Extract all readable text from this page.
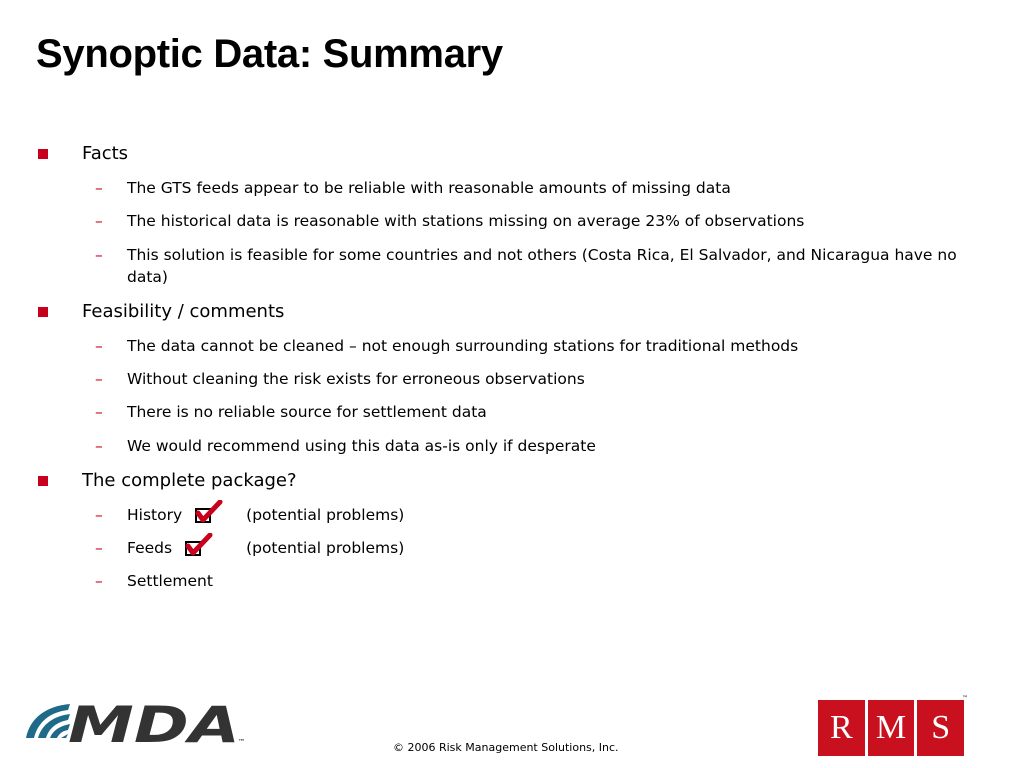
Synoptic Data: Summary
Facts
– The GTS feeds appear to be reliable with reasonable amounts of missing data
– The historical data is reasonable with stations missing on average 23% of observations
– This solution is feasible for some countries and not others (Costa Rica, El Salvador, and Nicaragua have no data)
Feasibility / comments
– The data cannot be cleaned – not enough surrounding stations for traditional methods
– Without cleaning the risk exists for erroneous observations
– There is no reliable source for settlement data
– We would recommend using this data as-is only if desperate
The complete package?
– History	(potential problems)
– Feeds	(potential problems)
– Settlement
MDA
™	© 2006 Risk Management Solutions, Inc.
R M S
™
